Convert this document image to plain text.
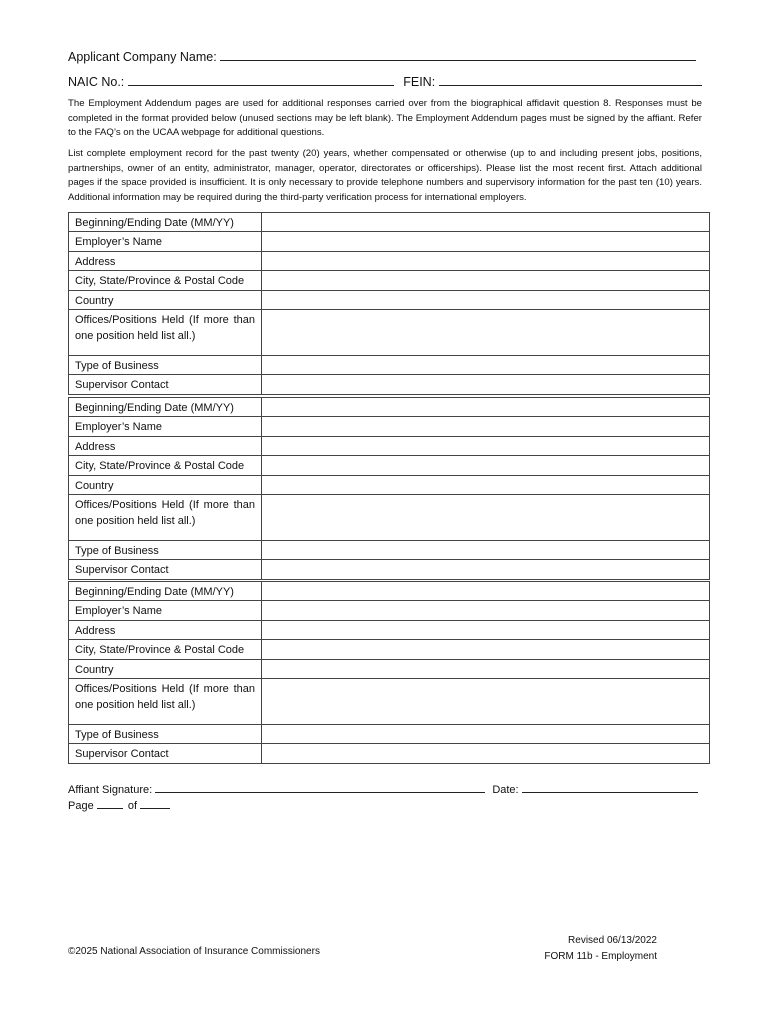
Applicant Company Name:
NAIC No.:	FEIN:
The Employment Addendum pages are used for additional responses carried over from the biographical affidavit question 8. Responses must be completed in the format provided below (unused sections may be left blank). The Employment Addendum pages must be signed by the affiant. Refer to the FAQ’s on the UCAA webpage for additional questions.
List complete employment record for the past twenty (20) years, whether compensated or otherwise (up to and including present jobs, positions, partnerships, owner of an entity, administrator, manager, operator, directorates or officerships). Please list the most recent first. Attach additional pages if the space provided is insufficient. It is only necessary to provide telephone numbers and supervisory information for the past ten (10) years. Additional information may be required during the third-party verification process for international employers.
Beginning/Ending Date (MM/YY)
Employer’s Name
Address
City, State/Province & Postal Code
Country
Offices/Positions Held (If more than one position held list all.)
Type of Business
Supervisor Contact
Beginning/Ending Date (MM/YY)
Employer’s Name
Address
City, State/Province & Postal Code
Country
Offices/Positions Held (If more than one position held list all.)
Type of Business
Supervisor Contact
Beginning/Ending Date (MM/YY)
Employer’s Name
Address
City, State/Province & Postal Code
Country
Offices/Positions Held (If more than one position held list all.)
Type of Business
Supervisor Contact
Affiant Signature:	Date:
Page	of
©2025 National Association of Insurance Commissioners
Revised 06/13/2022
FORM 11b - Employment
